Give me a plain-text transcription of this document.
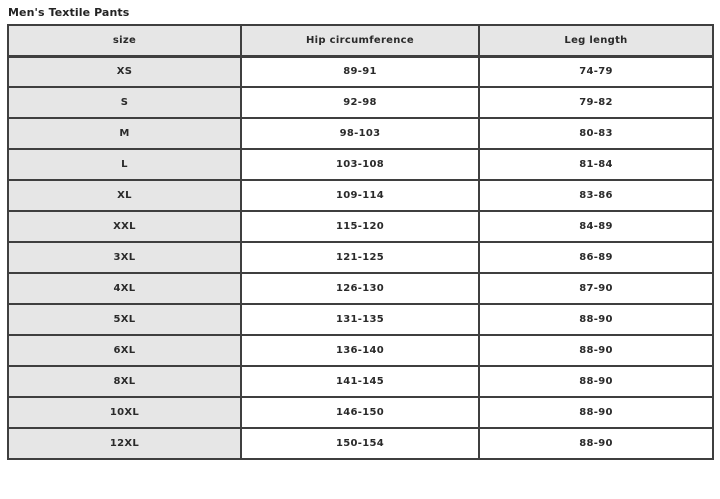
Men's Textile Pants
size	Hip circumference	Leg length
XS	89-91	74-79
S	92-98	79-82
M	98-103	80-83
L	103-108	81-84
XL	109-114	83-86
XXL	115-120	84-89
3XL	121-125	86-89
4XL	126-130	87-90
5XL	131-135	88-90
6XL	136-140	88-90
8XL	141-145	88-90
10XL	146-150	88-90
12XL	150-154	88-90
